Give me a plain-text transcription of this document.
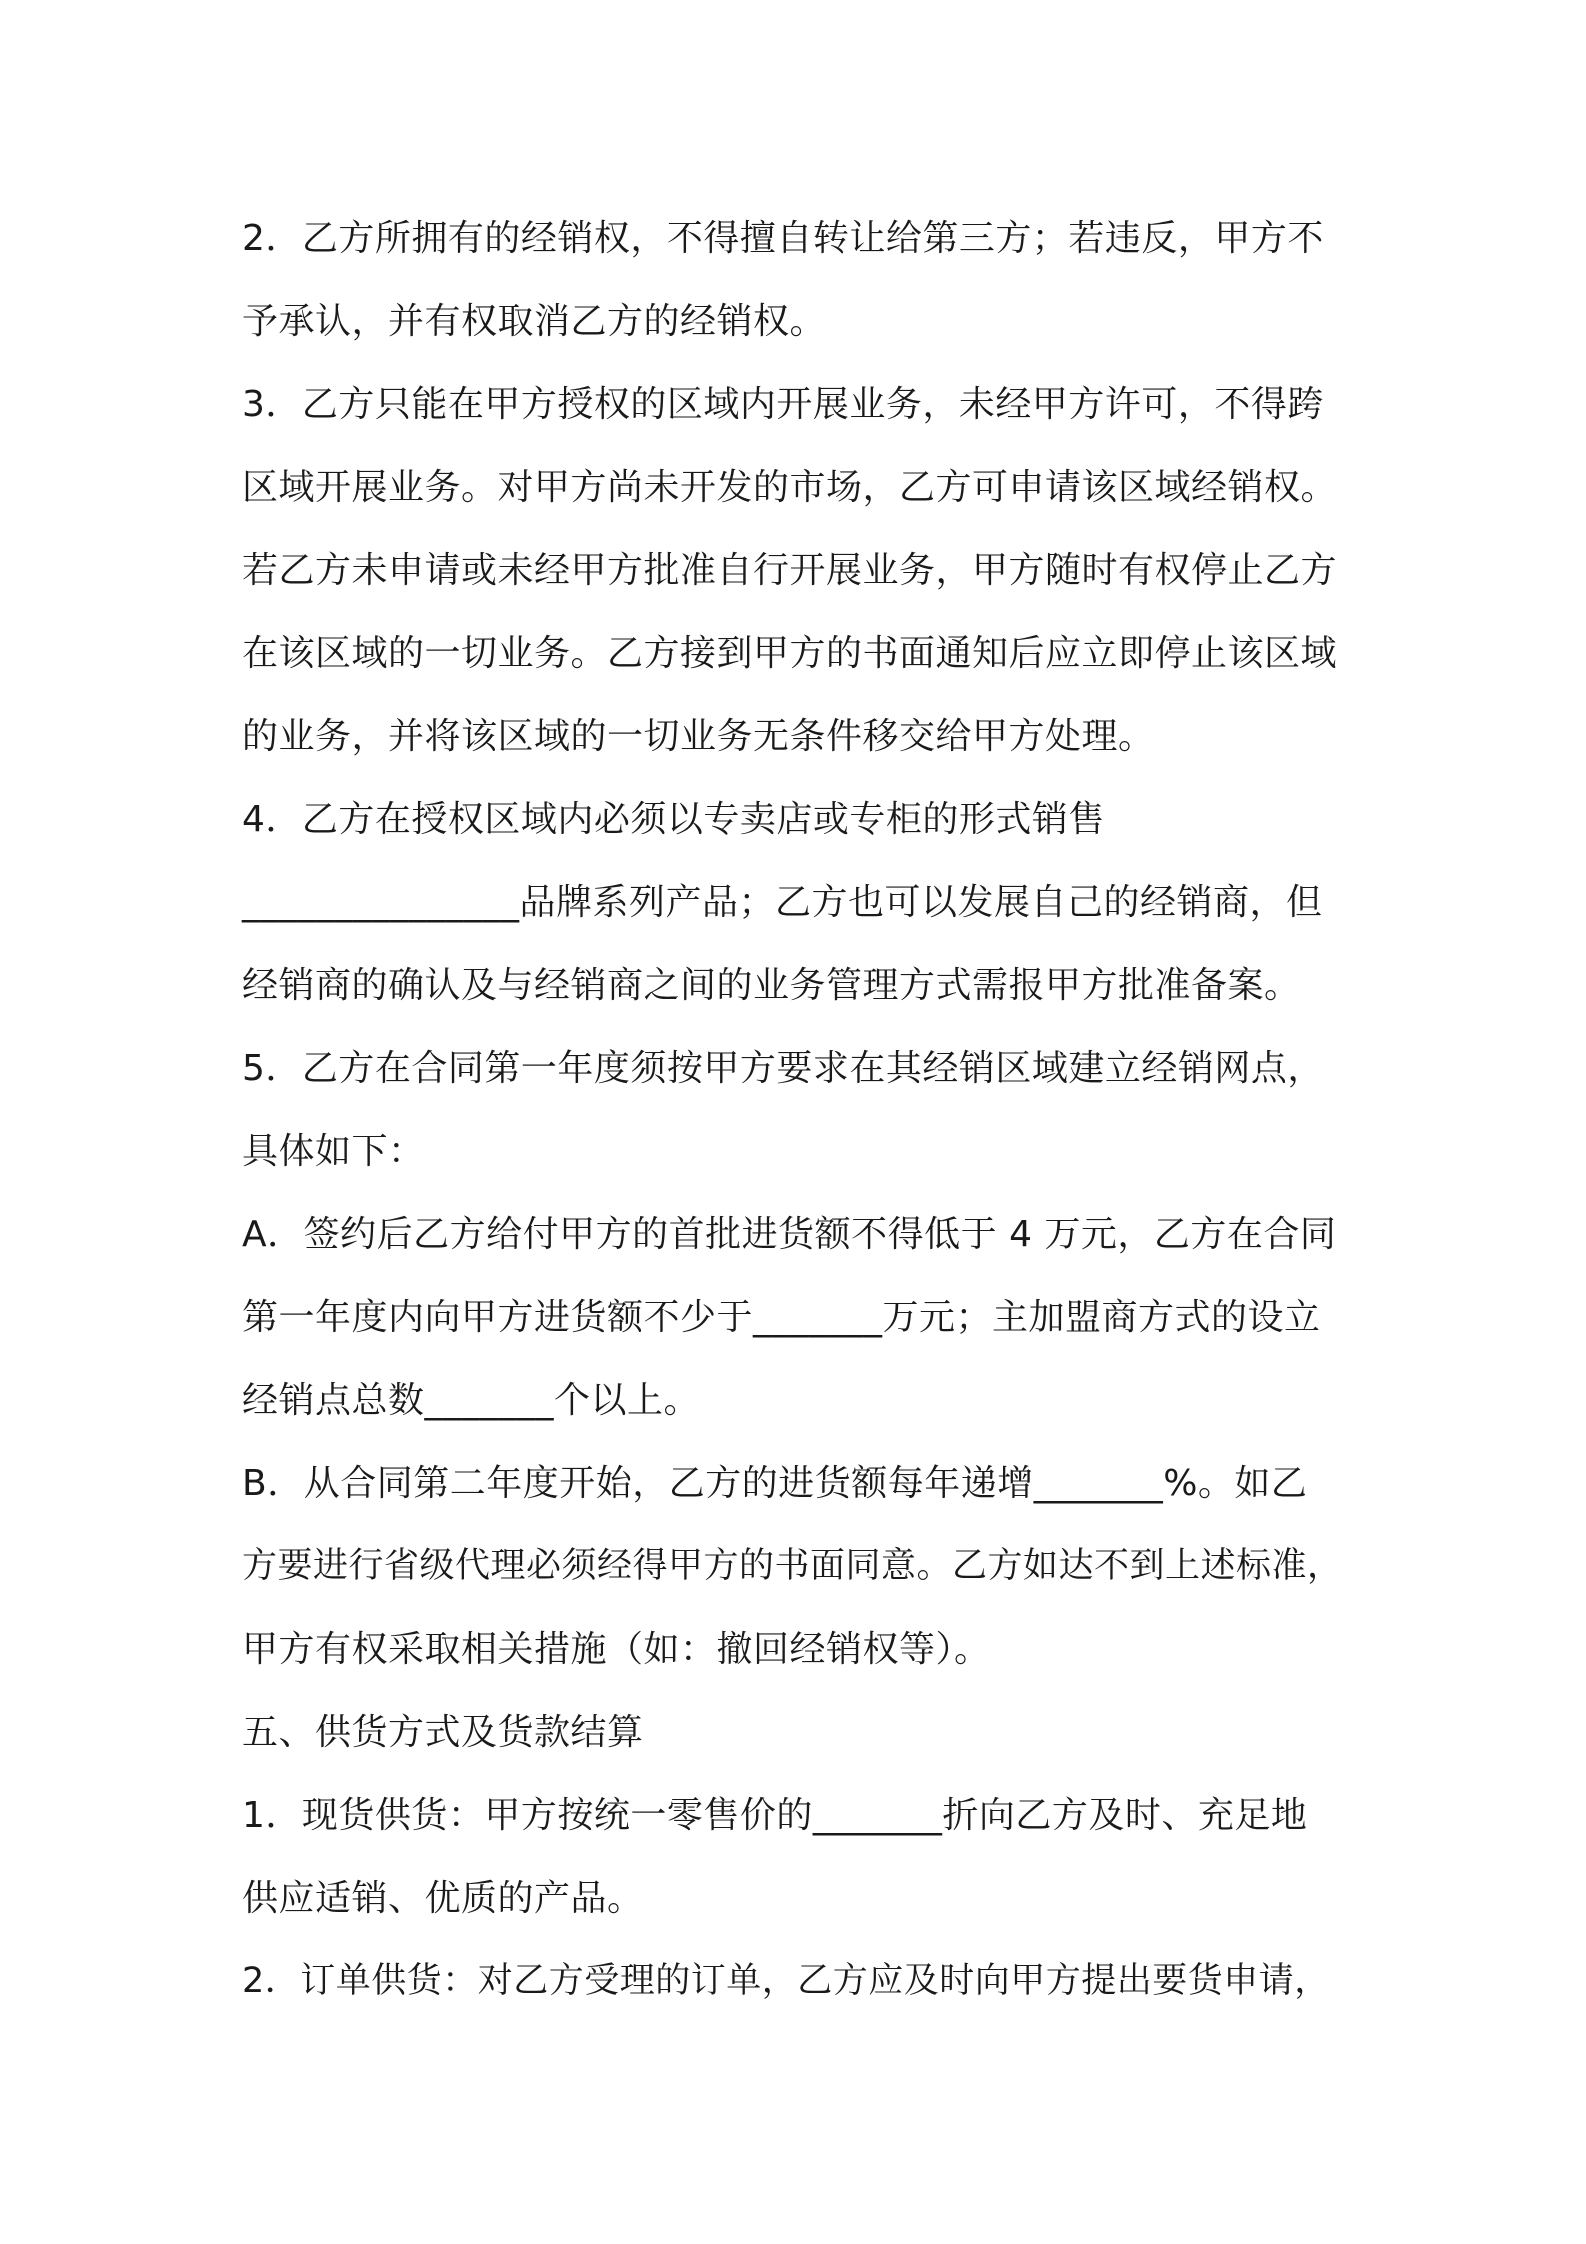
2．乙方所拥有的经销权，不得擅自转让给第三方；若违反，甲方不
予承认，并有权取消乙方的经销权。
3．乙方只能在甲方授权的区域内开展业务，未经甲方许可，不得跨
区域开展业务。对甲方尚未开发的市场，乙方可申请该区域经销权。
若乙方未申请或未经甲方批准自行开展业务，甲方随时有权停止乙方
在该区域的一切业务。乙方接到甲方的书面通知后应立即停止该区域
的业务，并将该区域的一切业务无条件移交给甲方处理。
4．乙方在授权区域内必须以专卖店或专柜的形式销售
_______________品牌系列产品；乙方也可以发展自己的经销商，但
经销商的确认及与经销商之间的业务管理方式需报甲方批准备案。
5．乙方在合同第一年度须按甲方要求在其经销区域建立经销网点，
具体如下：
A．签约后乙方给付甲方的首批进货额不得低于 4 万元，乙方在合同
第一年度内向甲方进货额不少于_______万元；主加盟商方式的设立
经销点总数_______个以上。
B．从合同第二年度开始，乙方的进货额每年递增_______%。如乙
方要进行省级代理必须经得甲方的书面同意。乙方如达不到上述标准，
甲方有权采取相关措施（如：撤回经销权等）。
五、供货方式及货款结算
1．现货供货：甲方按统一零售价的_______折向乙方及时、充足地
供应适销、优质的产品。
2．订单供货：对乙方受理的订单，乙方应及时向甲方提出要货申请，
